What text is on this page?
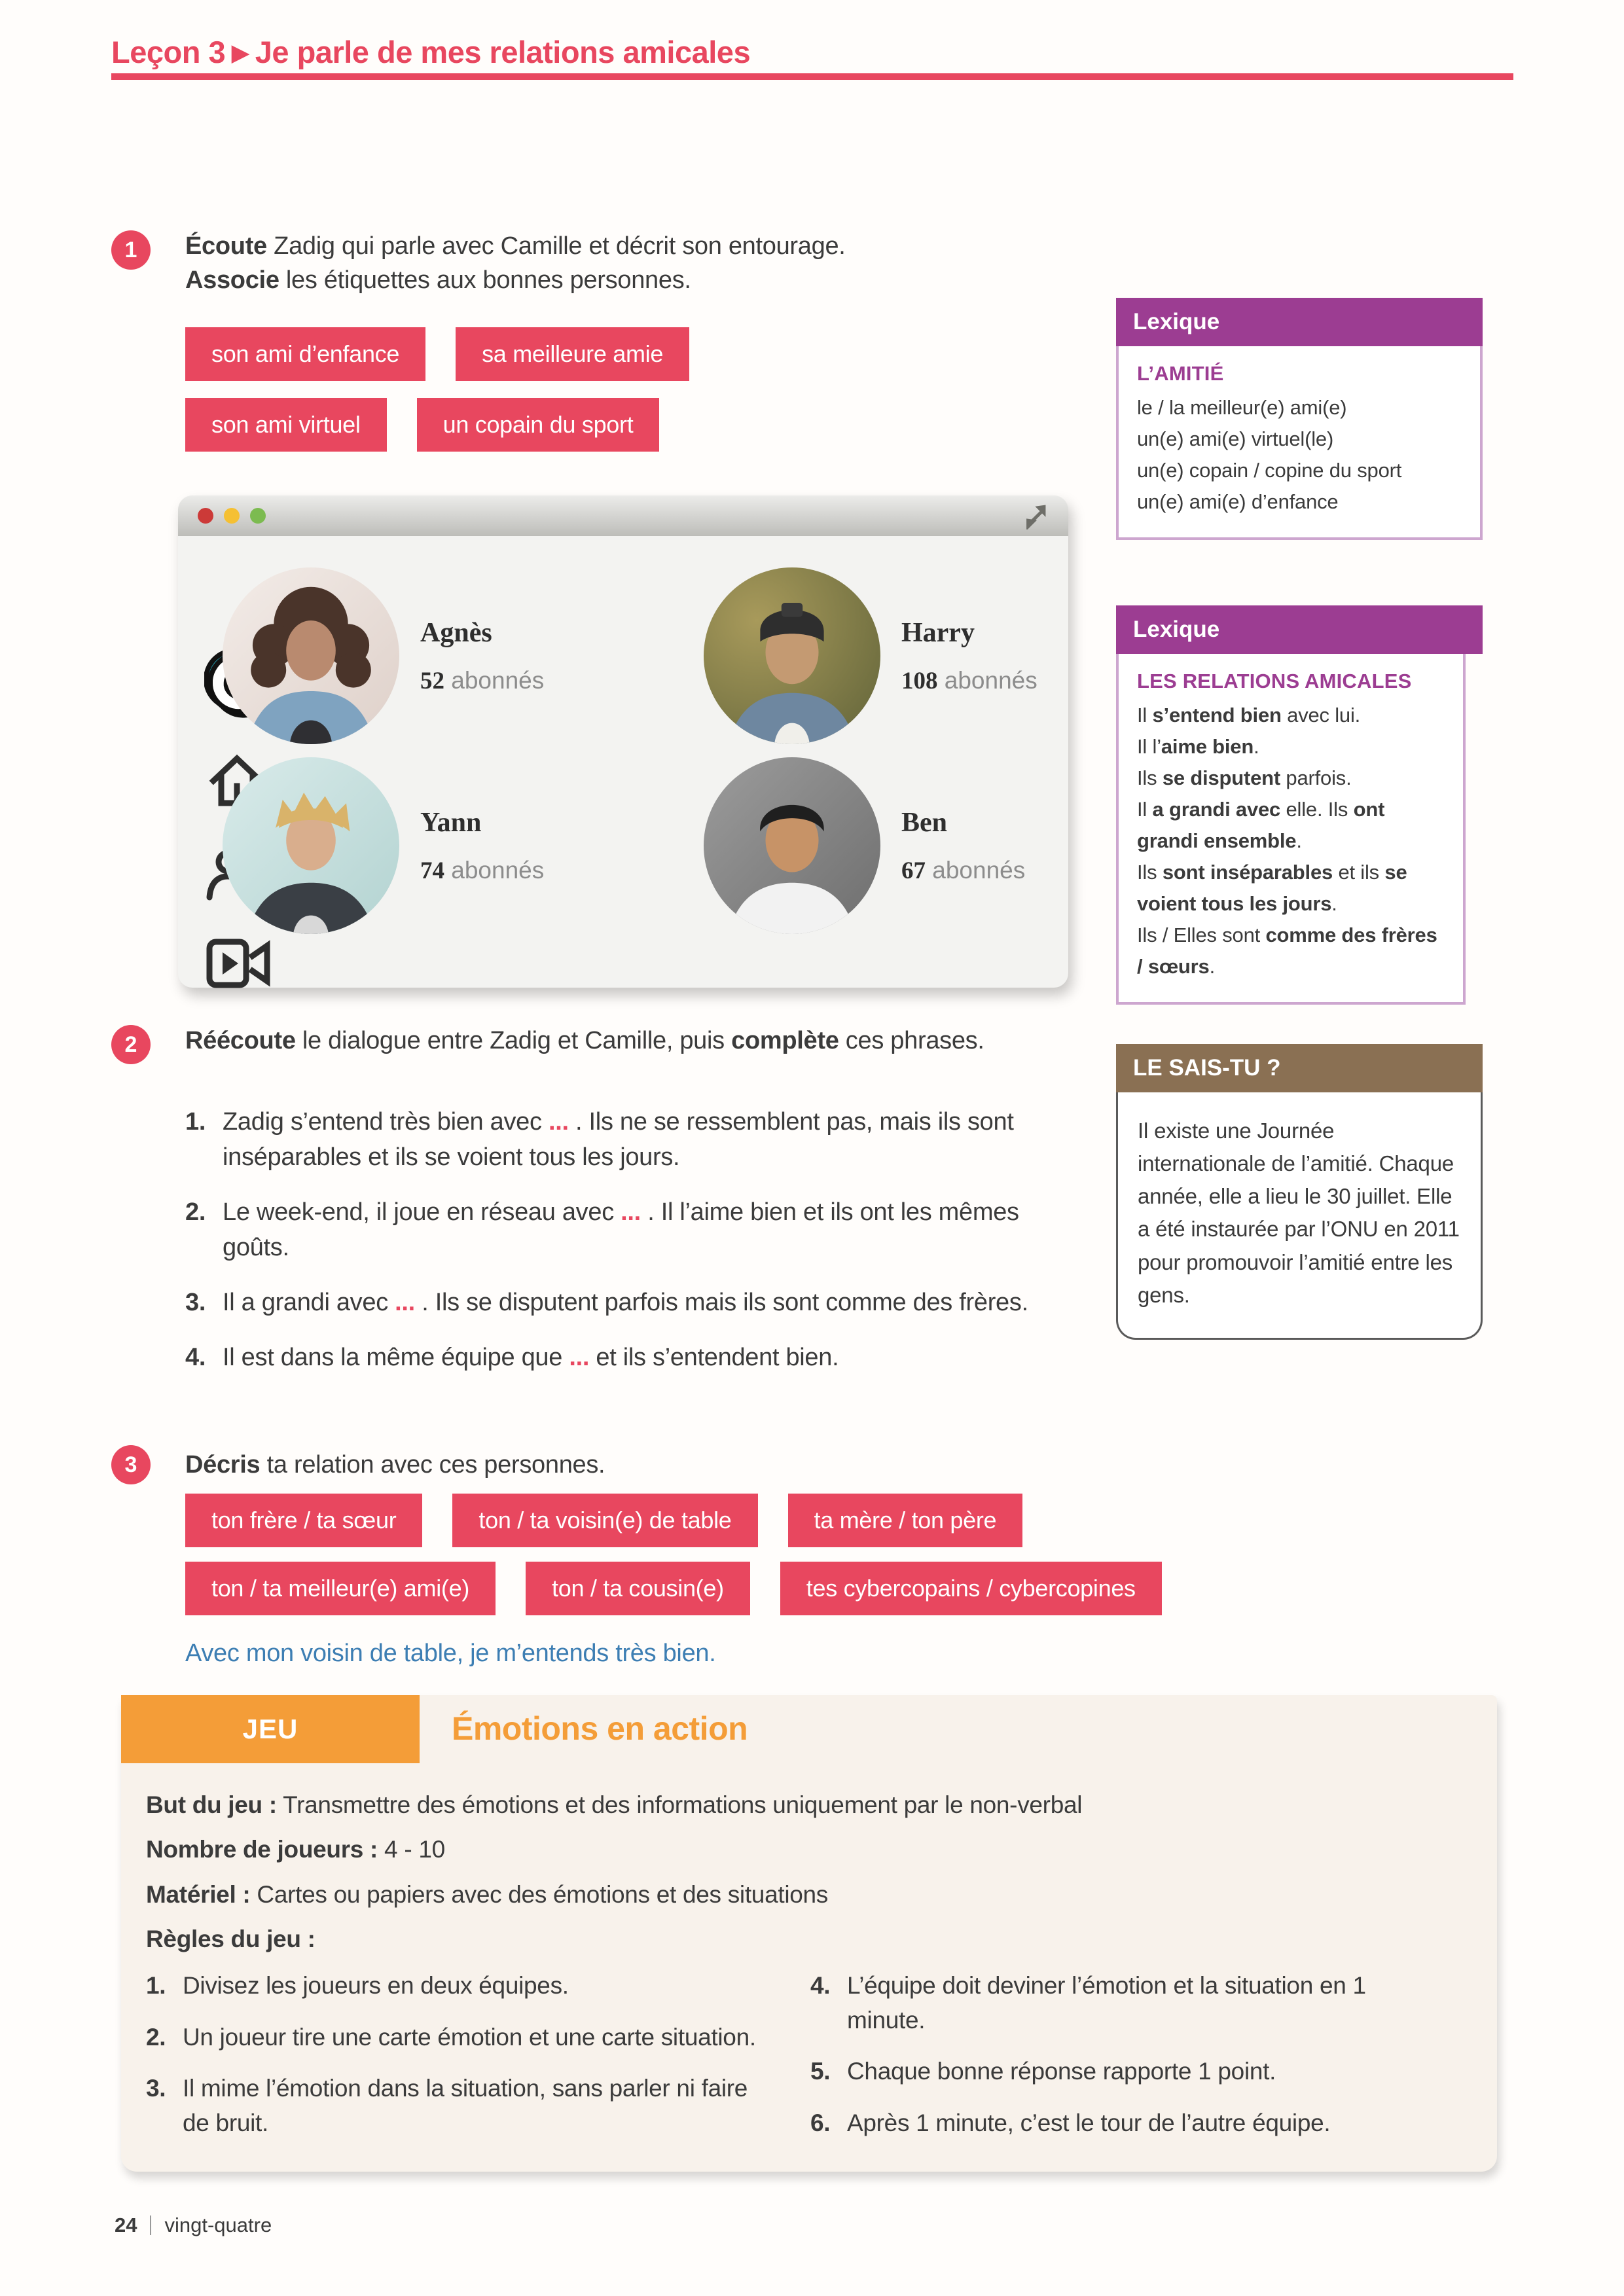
Leçon 3 ▶ Je parle de mes relations amicales
1	Écoute Zadig qui parle avec Camille et décrit son entourage.
Associe les étiquettes aux bonnes personnes.
son ami d’enfance	sa meilleure amie
son ami virtuel	un copain du sport
Lexique
L’AMITIÉ
le / la meilleur(e) ami(e)
un(e) ami(e) virtuel(le)
un(e) copain / copine du sport
un(e) ami(e) d’enfance
Agnès
52 abonnés
Harry
108 abonnés
Yann
74 abonnés
Ben
67 abonnés
Lexique
LES RELATIONS AMICALES
Il s’entend bien avec lui.
Il l’aime bien.
Ils se disputent parfois.
Il a grandi avec elle. Ils ont grandi ensemble.
Ils sont inséparables et ils se voient tous les jours.
Ils / Elles sont comme des frères / sœurs.
2	Réécoute le dialogue entre Zadig et Camille, puis complète ces phrases.
1. Zadig s’entend très bien avec ... . Ils ne se ressemblent pas, mais ils sont inséparables et ils se voient tous les jours.
2. Le week-end, il joue en réseau avec ... . Il l’aime bien et ils ont les mêmes goûts.
3. Il a grandi avec ... . Ils se disputent parfois mais ils sont comme des frères.
4. Il est dans la même équipe que ... et ils s’entendent bien.
LE SAIS-TU ?
Il existe une Journée internationale de l’amitié. Chaque année, elle a lieu le 30 juillet. Elle a été instaurée par l’ONU en 2011 pour promouvoir l’amitié entre les gens.
3	Décris ta relation avec ces personnes.
ton frère / ta sœur	ton / ta voisin(e) de table	ta mère / ton père
ton / ta meilleur(e) ami(e)	ton / ta cousin(e)	tes cybercopains / cybercopines
Avec mon voisin de table, je m’entends très bien.
JEU	Émotions en action
But du jeu : Transmettre des émotions et des informations uniquement par le non-verbal
Nombre de joueurs : 4 - 10
Matériel : Cartes ou papiers avec des émotions et des situations
Règles du jeu :
1. Divisez les joueurs en deux équipes.
2. Un joueur tire une carte émotion et une carte situation.
3. Il mime l’émotion dans la situation, sans parler ni faire de bruit.
4. L’équipe doit deviner l’émotion et la situation en 1 minute.
5. Chaque bonne réponse rapporte 1 point.
6. Après 1 minute, c’est le tour de l’autre équipe.
24 vingt-quatre
